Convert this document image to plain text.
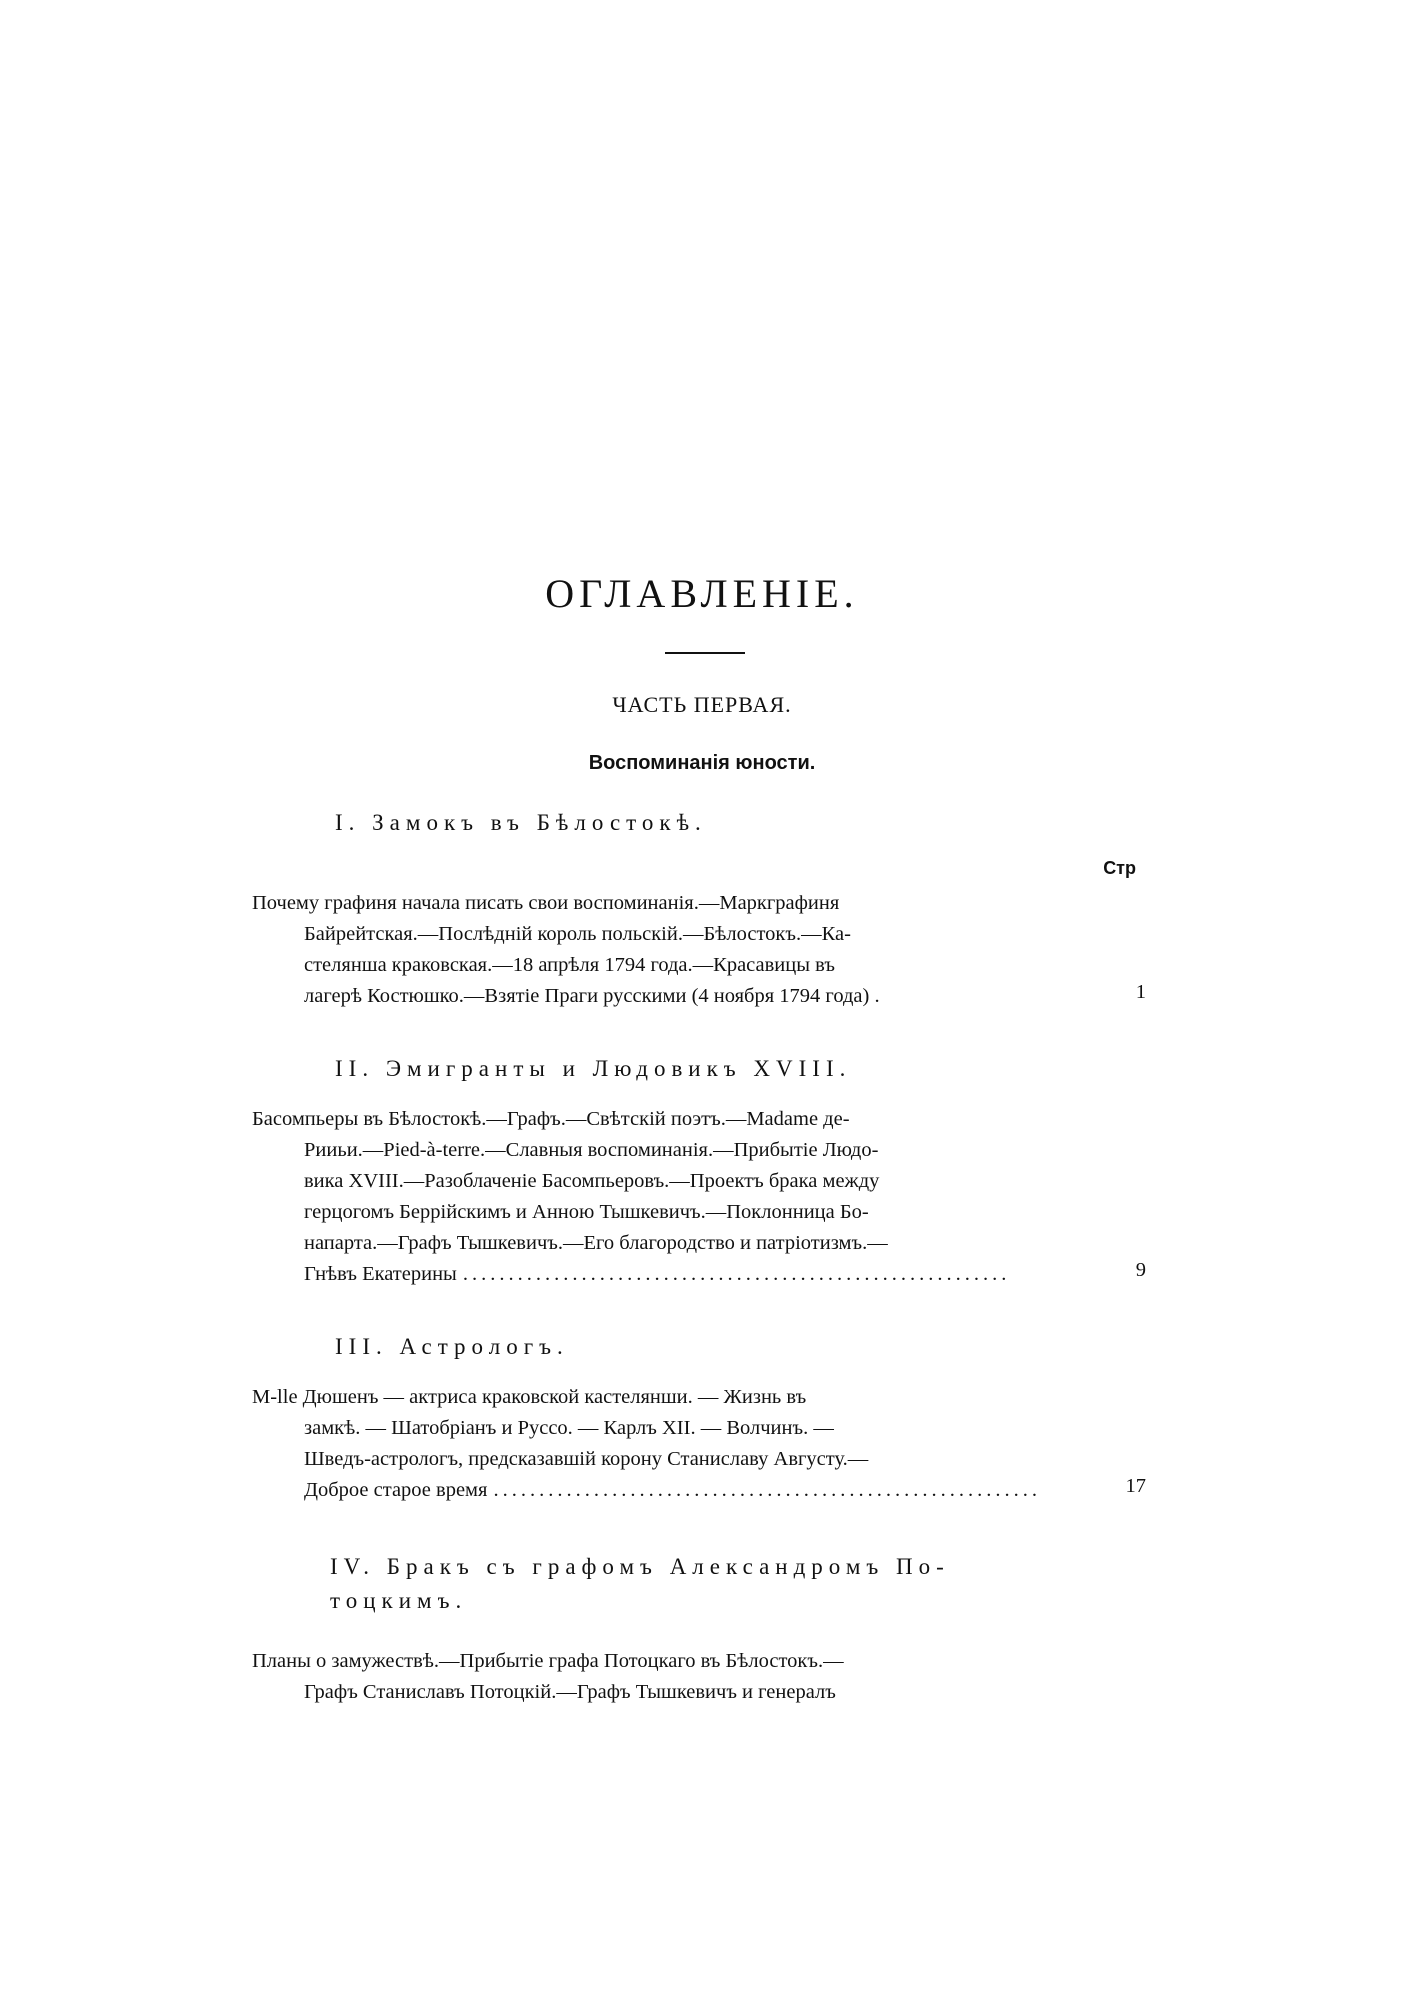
ОГЛАВЛЕНІЕ.
ЧАСТЬ ПЕРВАЯ.
Воспоминанія юности.
I. Замокъ въ Бѣлостокѣ.
Стр
Почему графиня начала писать свои воспоминанія.—Маркграфиня
Байрейтская.—Послѣдній король польскій.—Бѣлостокъ.—Ка-
стелянша краковская.—18 апрѣля 1794 года.—Красавицы въ
лагерѣ Костюшко.—Взятіе Праги русскими (4 ноября 1794 года) .	1
II. Эмигранты и Людовикъ XVIII.
Басомпьеры въ Бѣлостокѣ.—Графъ.—Свѣтскій поэтъ.—Madame де-
Рииьи.—Pied-à-terre.—Славныя воспоминанія.—Прибытіе Людо-
вика XVIII.—Разоблаченіе Басомпьеровъ.—Проектъ брака между
герцогомъ Беррійскимъ и Анною Тышкевичъ.—Поклонница Бо-
напарта.—Графъ Тышкевичъ.—Его благородство и патріотизмъ.—
Гнѣвъ Екатерины ............................................................	9
III. Астрологъ.
М-lle Дюшенъ — актриса краковской кастелянши. — Жизнь въ
замкѣ. — Шатобріанъ и Руссо. — Карлъ XII. — Волчинъ. —
Шведъ-астрологъ, предсказавшій корону Станиславу Августу.—
Доброе старое время ............................................................	17
IV. Бракъ съ графомъ Александромъ По-
тоцкимъ.
Планы о замужествѣ.—Прибытіе графа Потоцкаго въ Бѣлостокъ.—
Графъ Станиславъ Потоцкій.—Графъ Тышкевичъ и генералъ
